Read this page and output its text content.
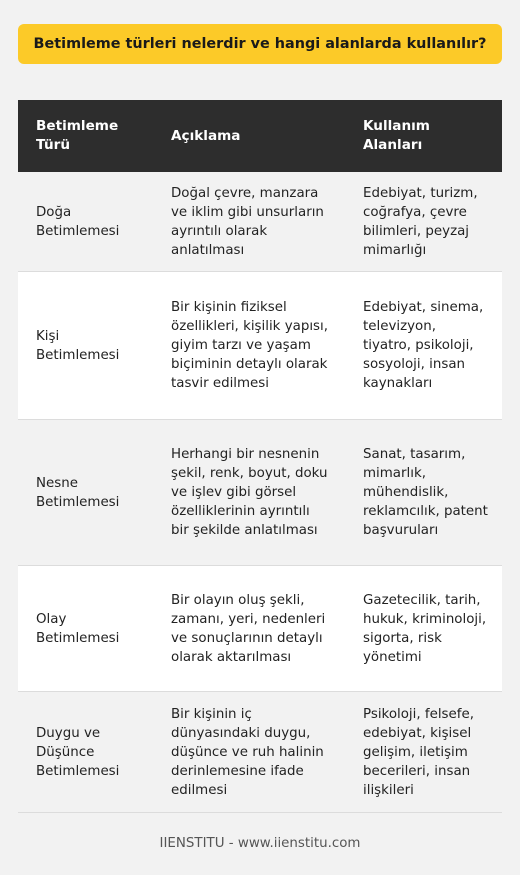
Betimleme türleri nelerdir ve hangi alanlarda kullanılır?
Betimleme Türü
Açıklama
Kullanım Alanları
Doğa Betimlemesi
Doğal çevre, manzara ve iklim gibi unsurların ayrıntılı olarak anlatılması
Edebiyat, turizm, coğrafya, çevre bilimleri, peyzaj mimarlığı
Kişi Betimlemesi
Bir kişinin fiziksel özellikleri, kişilik yapısı, giyim tarzı ve yaşam biçiminin detaylı olarak tasvir edilmesi
Edebiyat, sinema, televizyon, tiyatro, psikoloji, sosyoloji, insan kaynakları
Nesne Betimlemesi
Herhangi bir nesnenin şekil, renk, boyut, doku ve işlev gibi görsel özelliklerinin ayrıntılı bir şekilde anlatılması
Sanat, tasarım, mimarlık, mühendislik, reklamcılık, patent başvuruları
Olay Betimlemesi
Bir olayın oluş şekli, zamanı, yeri, nedenleri ve sonuçlarının detaylı olarak aktarılması
Gazetecilik, tarih, hukuk, kriminoloji, sigorta, risk yönetimi
Duygu ve Düşünce Betimlemesi
Bir kişinin iç dünyasındaki duygu, düşünce ve ruh halinin derinlemesine ifade edilmesi
Psikoloji, felsefe, edebiyat, kişisel gelişim, iletişim becerileri, insan ilişkileri
IIENSTITU - www.iienstitu.com
